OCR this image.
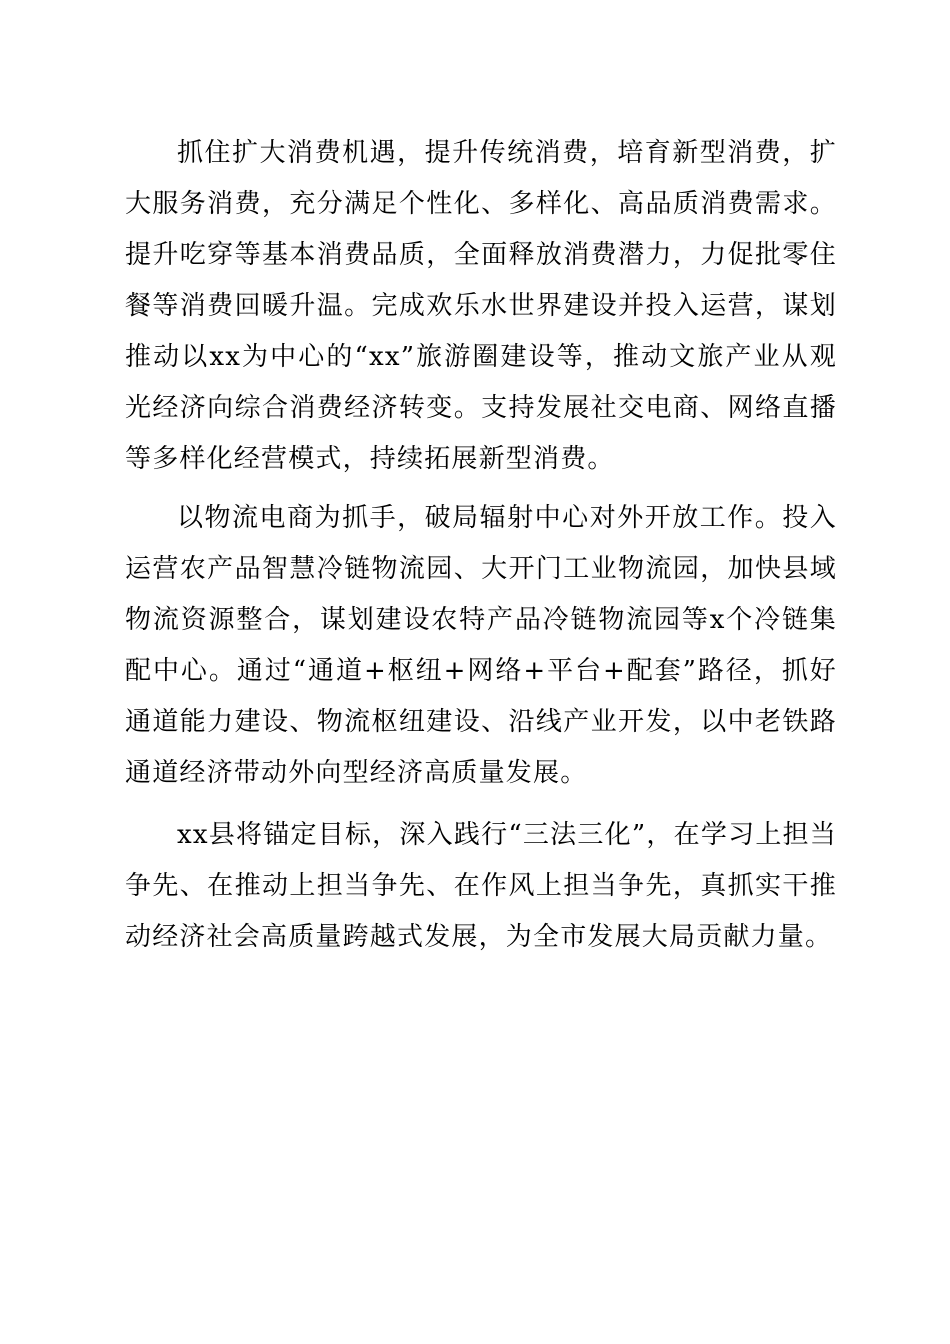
抓住扩大消费机遇，提升传统消费，培育新型消费，扩大服务消费，充分满足个性化、多样化、高品质消费需求。提升吃穿等基本消费品质，全面释放消费潜力，力促批零住餐等消费回暖升温。完成欢乐水世界建设并投入运营，谋划推动以xx为中心的“xx”旅游圈建设等，推动文旅产业从观光经济向综合消费经济转变。支持发展社交电商、网络直播等多样化经营模式，持续拓展新型消费。

以物流电商为抓手，破局辐射中心对外开放工作。投入运营农产品智慧冷链物流园、大开门工业物流园，加快县域物流资源整合，谋划建设农特产品冷链物流园等x个冷链集配中心。通过“通道+枢纽+网络+平台+配套”路径，抓好通道能力建设、物流枢纽建设、沿线产业开发，以中老铁路通道经济带动外向型经济高质量发展。

xx县将锚定目标，深入践行“三法三化”，在学习上担当争先、在推动上担当争先、在作风上担当争先，真抓实干推动经济社会高质量跨越式发展，为全市发展大局贡献力量。
